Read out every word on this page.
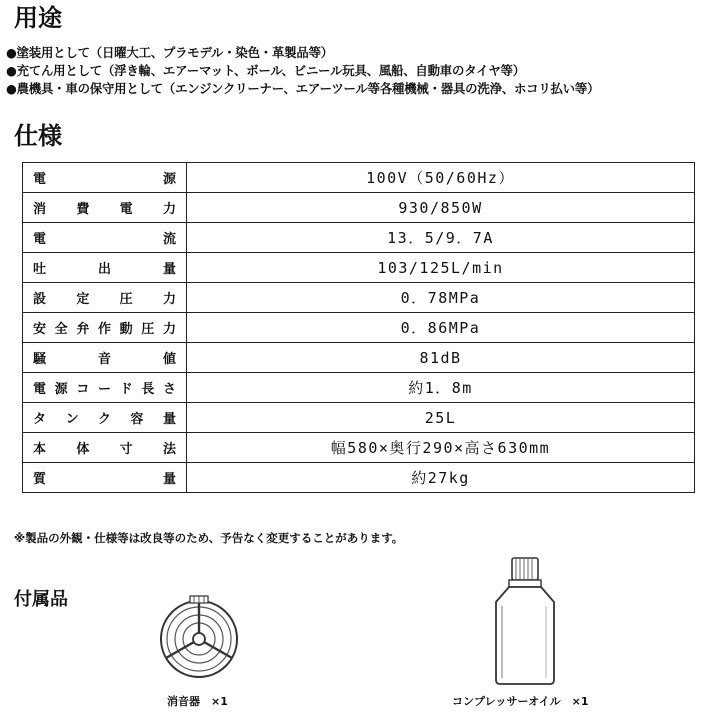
用途
●塗装用として（日曜大工、プラモデル・染色・革製品等）
●充てん用として（浮き輪、エアーマット、ボール、ビニール玩具、風船、自動車のタイヤ等）
●農機具・車の保守用として（エンジンクリーナー、エアーツール等各種機械・器具の洗浄、ホコリ払い等）
仕様
電源	100V（50/60Hz）
消費電力	930/850W
電流	13．5/9．7A
吐出量	103/125L/min
設定圧力	0．78MPa
安全弁作動圧力	0．86MPa
騒音値	81dB
電源コード長さ	約1．8m
タンク容量	25L
本体寸法	幅580×奥行290×高さ630mm
質量	約27kg
※製品の外観・仕様等は改良等のため、予告なく変更することがあります。
付属品
消音器　×1	コンプレッサーオイル　×1
